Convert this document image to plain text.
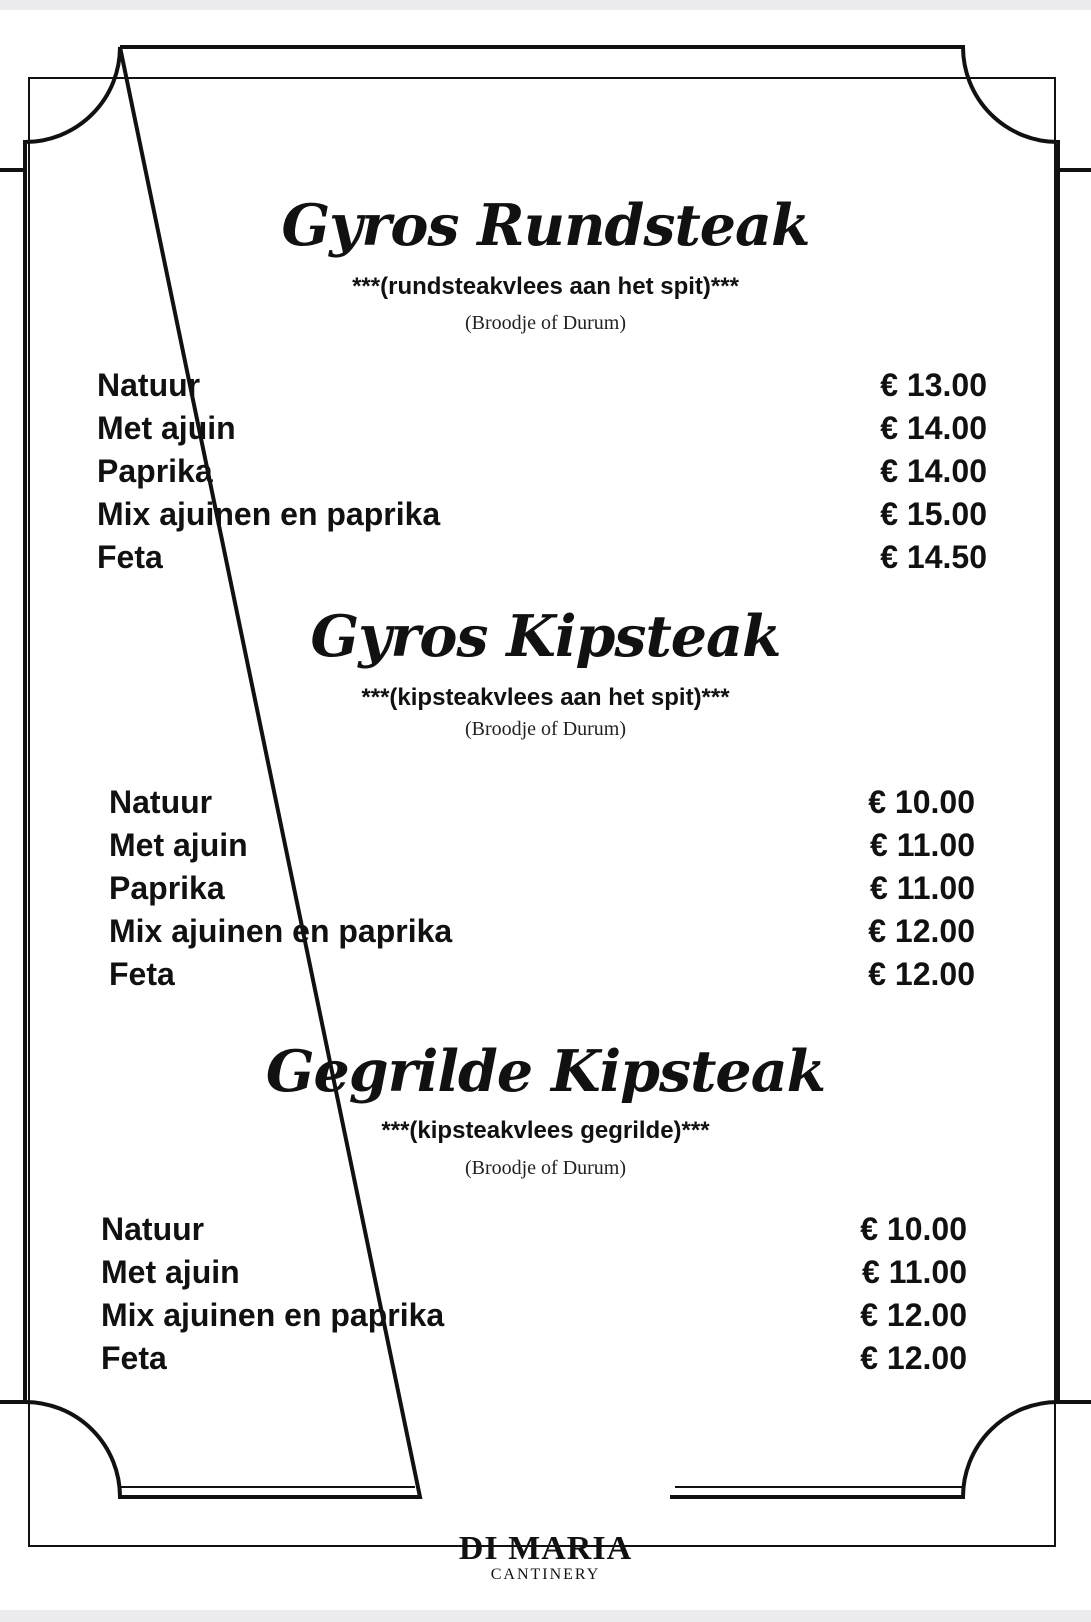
Gyros Rundsteak
***(rundsteakvlees aan het spit)***
(Broodje of Durum)
Natuur	€ 13.00
Met ajuin	€ 14.00
Paprika	€ 14.00
Mix ajuinen en paprika	€ 15.00
Feta	€ 14.50
Gyros Kipsteak
***(kipsteakvlees aan het spit)***
(Broodje of Durum)
Natuur	€ 10.00
Met ajuin	€ 11.00
Paprika	€ 11.00
Mix ajuinen en paprika	€ 12.00
Feta	€ 12.00
Gegrilde Kipsteak
***(kipsteakvlees gegrilde)***
(Broodje of Durum)
Natuur	€ 10.00
Met ajuin	€ 11.00
Mix ajuinen en paprika	€ 12.00
Feta	€ 12.00
DI MARIA
CANTINERY
